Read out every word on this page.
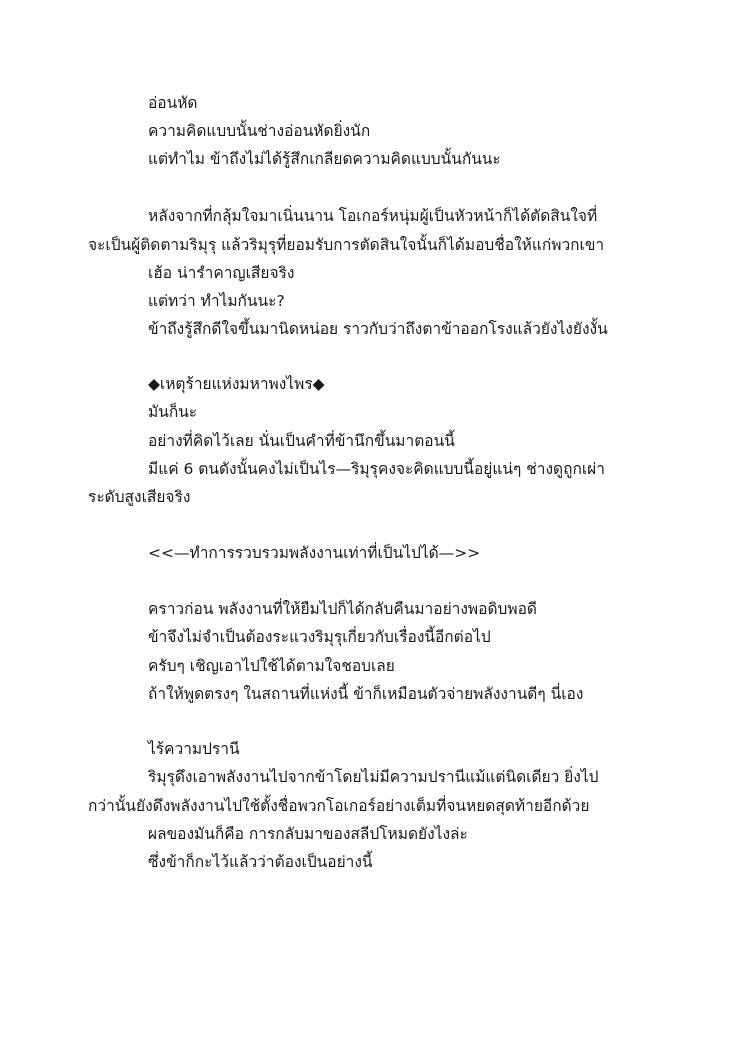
อ่อนหัด
ความคิดแบบนั้นช่างอ่อนหัดยิ่งนัก
แต่ทำไม ข้าถึงไม่ได้รู้สึกเกลียดความคิดแบบนั้นกันนะ
หลังจากที่กลุ้มใจมาเนิ่นนาน โอเกอร์หนุ่มผู้เป็นหัวหน้าก็ได้ตัดสินใจที่
จะเป็นผู้ติดตามริมุรุ แล้วริมุรุที่ยอมรับการตัดสินใจนั้นก็ได้มอบชื่อให้แก่พวกเขา
เฮ้อ น่ารำคาญเสียจริง
แต่ทว่า ทำไมกันนะ?
ข้าถึงรู้สึกดีใจขึ้นมานิดหน่อย ราวกับว่าถึงตาข้าออกโรงแล้วยังไงยังงั้น
◆เหตุร้ายแห่งมหาพงไพร◆
มันก็นะ
อย่างที่คิดไว้เลย นั่นเป็นคำที่ข้านึกขึ้นมาตอนนี้
มีแค่ 6 ตนดังนั้นคงไม่เป็นไร—ริมุรุคงจะคิดแบบนี้อยู่แน่ๆ ช่างดูถูกเผ่า
ระดับสูงเสียจริง
<<—ทำการรวบรวมพลังงานเท่าที่เป็นไปได้—>>
คราวก่อน พลังงานที่ให้ยืมไปก็ได้กลับคืนมาอย่างพอดิบพอดี
ข้าจึงไม่จำเป็นต้องระแวงริมุรุเกี่ยวกับเรื่องนี้อีกต่อไป
ครับๆ เชิญเอาไปใช้ได้ตามใจชอบเลย
ถ้าให้พูดตรงๆ ในสถานที่แห่งนี้ ข้าก็เหมือนตัวจ่ายพลังงานดีๆ นี่เอง
ไร้ความปรานี
ริมุรุดึงเอาพลังงานไปจากข้าโดยไม่มีความปรานีแม้แต่นิดเดียว ยิ่งไป
กว่านั้นยังดึงพลังงานไปใช้ตั้งชื่อพวกโอเกอร์อย่างเต็มที่จนหยดสุดท้ายอีกด้วย
ผลของมันก็คือ การกลับมาของสลีปโหมดยังไงล่ะ
ซึ่งข้าก็กะไว้แล้วว่าต้องเป็นอย่างนี้
